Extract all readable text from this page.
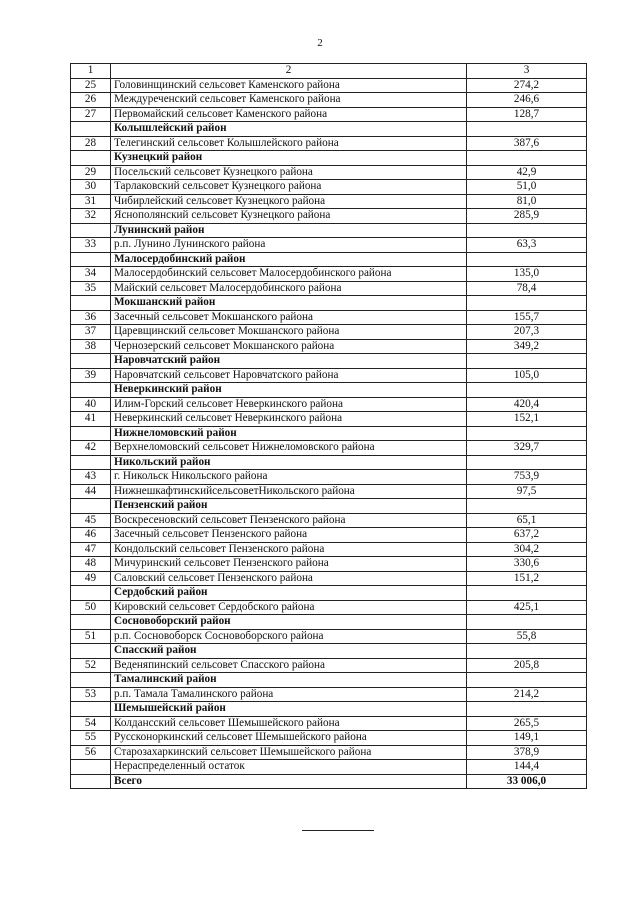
2
1	2	3
25	Головинщинский сельсовет Каменского района	274,2
26	Междуреченский сельсовет Каменского района	246,6
27	Первомайский сельсовет Каменского района	128,7
	Колышлейский район	
28	Телегинский сельсовет Колышлейского района	387,6
	Кузнецкий район	
29	Посельский сельсовет Кузнецкого района	42,9
30	Тарлаковский сельсовет Кузнецкого района	51,0
31	Чибирлейский сельсовет Кузнецкого района	81,0
32	Яснополянский сельсовет Кузнецкого района	285,9
	Лунинский район	
33	р.п. Лунино Лунинского района	63,3
	Малосердобинский район	
34	Малосердобинский сельсовет Малосердобинского района	135,0
35	Майский сельсовет Малосердобинского района	78,4
	Мокшанский район	
36	Засечный сельсовет Мокшанского района	155,7
37	Царевщинский сельсовет Мокшанского района	207,3
38	Чернозерский сельсовет Мокшанского района	349,2
	Наровчатский район	
39	Наровчатский сельсовет Наровчатского района	105,0
	Неверкинский район	
40	Илим-Горский сельсовет Неверкинского района	420,4
41	Неверкинский сельсовет Неверкинского района	152,1
	Нижнеломовский район	
42	Верхнеломовский сельсовет Нижнеломовского района	329,7
	Никольский район	
43	г. Никольск Никольского района	753,9
44	НижнешкафтинскийсельсоветНикольского района	97,5
	Пензенский район	
45	Воскресеновский сельсовет Пензенского района	65,1
46	Засечный сельсовет Пензенского района	637,2
47	Кондольский сельсовет Пензенского района	304,2
48	Мичуринский сельсовет Пензенского района	330,6
49	Саловский сельсовет Пензенского района	151,2
	Сердобский район	
50	Кировский сельсовет Сердобского района	425,1
	Сосновоборский район	
51	р.п. Сосновоборск Сосновоборского района	55,8
	Спасский район	
52	Веденяпинский сельсовет Спасского района	205,8
	Тамалинский район	
53	р.п. Тамала Тамалинского района	214,2
	Шемышейский район	
54	Колдансский сельсовет Шемышейского района	265,5
55	Руссконоркинский сельсовет Шемышейского района	149,1
56	Старозахаркинский сельсовет Шемышейского района	378,9
	Нераспределенный остаток	144,4
	Всего	33 006,0
